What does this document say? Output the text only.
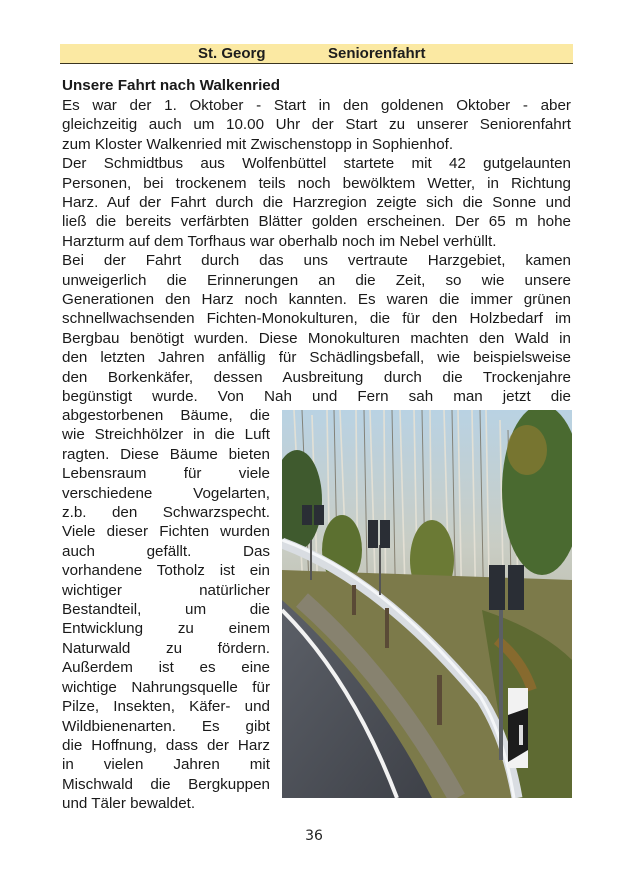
St. Georg	Seniorenfahrt
Unsere Fahrt nach Walkenried
Es war der 1. Oktober - Start in den goldenen Oktober - aber
gleichzeitig auch um 10.00 Uhr der Start zu unserer Seniorenfahrt
zum Kloster Walkenried mit Zwischenstopp in Sophienhof.
Der Schmidtbus aus Wolfenbüttel startete mit 42 gutgelaunten
Personen, bei trockenem teils noch bewölktem Wetter, in Richtung
Harz. Auf der Fahrt durch die Harzregion zeigte sich die Sonne und
ließ die bereits verfärbten Blätter golden erscheinen. Der 65 m hohe
Harzturm auf dem Torfhaus war oberhalb noch im Nebel verhüllt.
Bei der Fahrt durch das uns vertraute Harzgebiet, kamen
unweigerlich die Erinnerungen an die Zeit, so wie unsere
Generationen den Harz noch kannten. Es waren die immer grünen
schnellwachsenden Fichten-Monokulturen, die für den Holzbedarf im
Bergbau benötigt wurden. Diese Monokulturen machten den Wald in
den letzten Jahren anfällig für Schädlingsbefall, wie beispielsweise
den Borkenkäfer, dessen Ausbreitung durch die Trockenjahre
begünstigt wurde. Von Nah und Fern sah man jetzt die
abgestorbenen Bäume, die
wie Streichhölzer in die Luft
ragten. Diese Bäume bieten
Lebensraum für viele
verschiedene Vogelarten,
z.b. den Schwarzspecht.
Viele dieser Fichten wurden
auch gefällt. Das
vorhandene Totholz ist ein
wichtiger natürlicher
Bestandteil, um die
Entwicklung zu einem
Naturwald zu fördern.
Außerdem ist es eine
wichtige Nahrungsquelle für
Pilze, Insekten, Käfer- und
Wildbienenarten. Es gibt
die Hoffnung, dass der Harz
in vielen Jahren mit
Mischwald die Bergkuppen
und Täler bewaldet.
36
